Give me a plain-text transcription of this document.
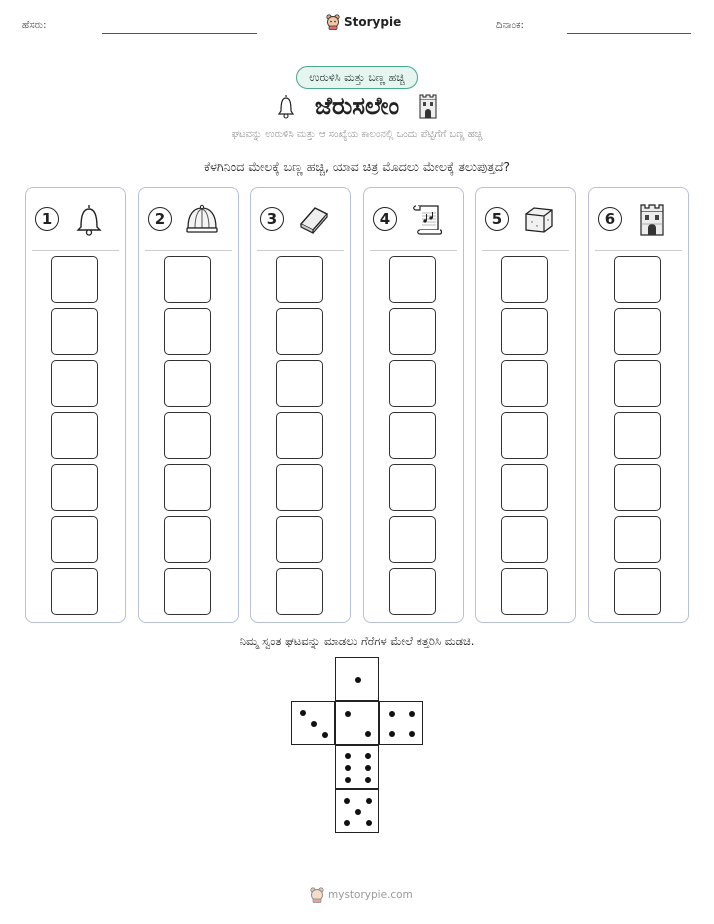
ಹೆಸರು:	Storypie	ದಿನಾಂಕ:
ಉರುಳಿಸಿ ಮತ್ತು ಬಣ್ಣ ಹಚ್ಚಿ
ಜೆರುಸಲೇಂ
ಘಟವನ್ನು ಉರುಳಿಸಿ ಮತ್ತು ಆ ಸಂಖ್ಯೆಯ ಕಾಲಂನಲ್ಲಿ ಒಂದು ಪೆಟ್ಟಿಗೆಗೆ ಬಣ್ಣ ಹಚ್ಚಿ
ಕೆಳಗಿನಿಂದ ಮೇಲಕ್ಕೆ ಬಣ್ಣ ಹಚ್ಚಿ, ಯಾವ ಚಿತ್ರ ಮೊದಲು ಮೇಲಕ್ಕೆ ತಲುಪುತ್ತದೆ?
1	2	3	4	5	6
ನಿಮ್ಮ ಸ್ವಂತ ಘಟವನ್ನು ಮಾಡಲು ಗೆರೆಗಳ ಮೇಲೆ ಕತ್ತರಿಸಿ ಮಡಚಿ.
mystorypie.com
